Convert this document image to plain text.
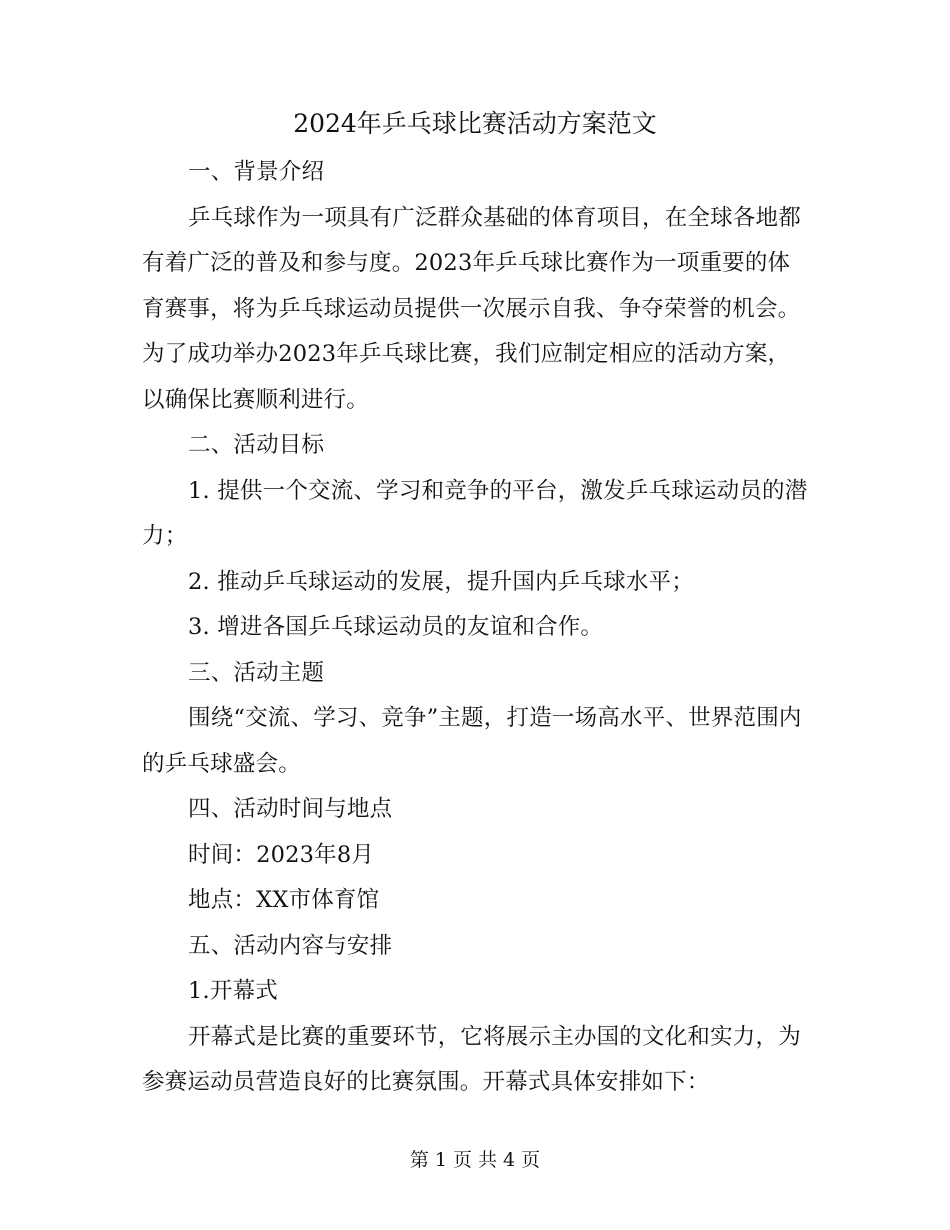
2024年乒乓球比赛活动方案范文

一、背景介绍

乒乓球作为一项具有广泛群众基础的体育项目，在全球各地都有着广泛的普及和参与度。2023年乒乓球比赛作为一项重要的体育赛事，将为乒乓球运动员提供一次展示自我、争夺荣誉的机会。为了成功举办2023年乒乓球比赛，我们应制定相应的活动方案，以确保比赛顺利进行。

二、活动目标

1. 提供一个交流、学习和竞争的平台，激发乒乓球运动员的潜力；

2. 推动乒乓球运动的发展，提升国内乒乓球水平；

3. 增进各国乒乓球运动员的友谊和合作。

三、活动主题

围绕“交流、学习、竞争”主题，打造一场高水平、世界范围内的乒乓球盛会。

四、活动时间与地点

时间：2023年8月

地点：XX市体育馆

五、活动内容与安排

1.开幕式

开幕式是比赛的重要环节，它将展示主办国的文化和实力，为参赛运动员营造良好的比赛氛围。开幕式具体安排如下：

第 1 页 共 4 页
